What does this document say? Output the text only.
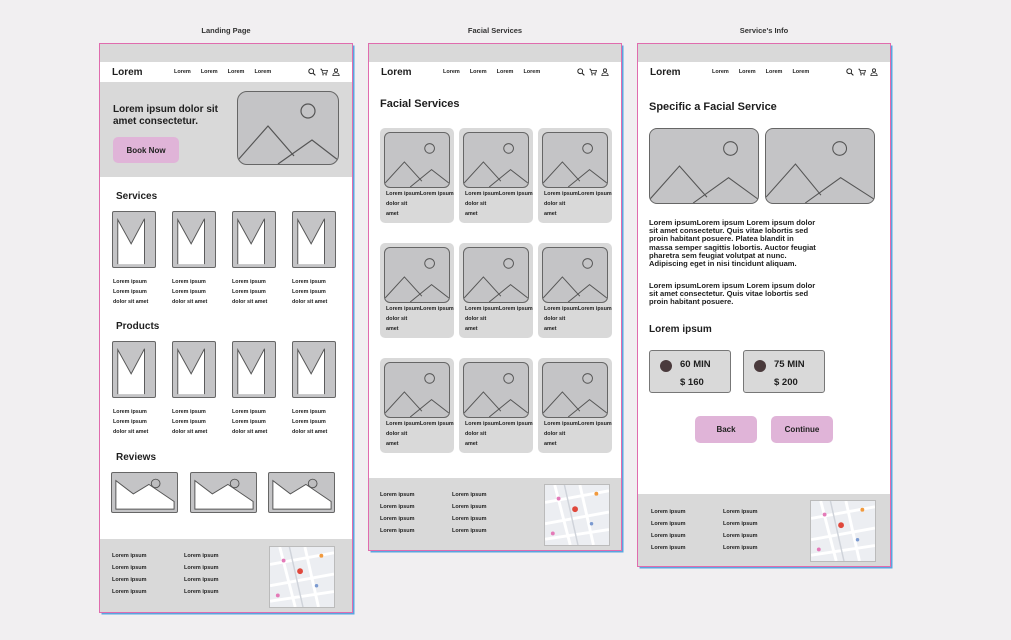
Landing Page	Facial Services	Service's Info
Lorem	Lorem Lorem Lorem Lorem
Lorem ipsum dolor sit amet consectetur.
Book Now
Services
Lorem ipsum
Lorem ipsum
dolor sit amet
Lorem ipsum
Lorem ipsum
dolor sit amet
Lorem ipsum
Lorem ipsum
dolor sit amet
Lorem ipsum
Lorem ipsum
dolor sit amet
Products
Lorem ipsum
Lorem ipsum
dolor sit amet
Lorem ipsum
Lorem ipsum
dolor sit amet
Lorem ipsum
Lorem ipsum
dolor sit amet
Lorem ipsum
Lorem ipsum
dolor sit amet
Reviews
Lorem ipsum	Lorem ipsum
Lorem ipsum	Lorem ipsum
Lorem ipsum	Lorem ipsum
Lorem ipsum	Lorem ipsum
Lorem	Lorem Lorem Lorem Lorem
Facial Services
Lorem ipsumLorem ipsum dolor sit
amet
Lorem ipsumLorem ipsum dolor sit
amet
Lorem ipsumLorem ipsum dolor sit
amet
Lorem ipsumLorem ipsum dolor sit
amet
Lorem ipsumLorem ipsum dolor sit
amet
Lorem ipsumLorem ipsum dolor sit
amet
Lorem ipsumLorem ipsum dolor sit
amet
Lorem ipsumLorem ipsum dolor sit
amet
Lorem ipsumLorem ipsum dolor sit
amet
Lorem ipsum	Lorem ipsum
Lorem ipsum	Lorem ipsum
Lorem ipsum	Lorem ipsum
Lorem ipsum	Lorem ipsum
Lorem	Lorem Lorem Lorem Lorem
Specific a Facial Service
Lorem ipsumLorem ipsum Lorem ipsum dolor
sit amet consectetur. Quis vitae lobortis sed
proin habitant posuere. Platea blandit in
massa semper sagittis lobortis. Auctor feugiat
pharetra sem feugiat volutpat at nunc.
Adipiscing eget in nisi tincidunt aliquam.
Lorem ipsumLorem ipsum Lorem ipsum dolor
sit amet consectetur. Quis vitae lobortis sed
proin habitant posuere.
Lorem ipsum
60 MIN
$ 160
75 MIN
$ 200
Back	Continue
Lorem ipsum	Lorem ipsum
Lorem ipsum	Lorem ipsum
Lorem ipsum	Lorem ipsum
Lorem ipsum	Lorem ipsum
